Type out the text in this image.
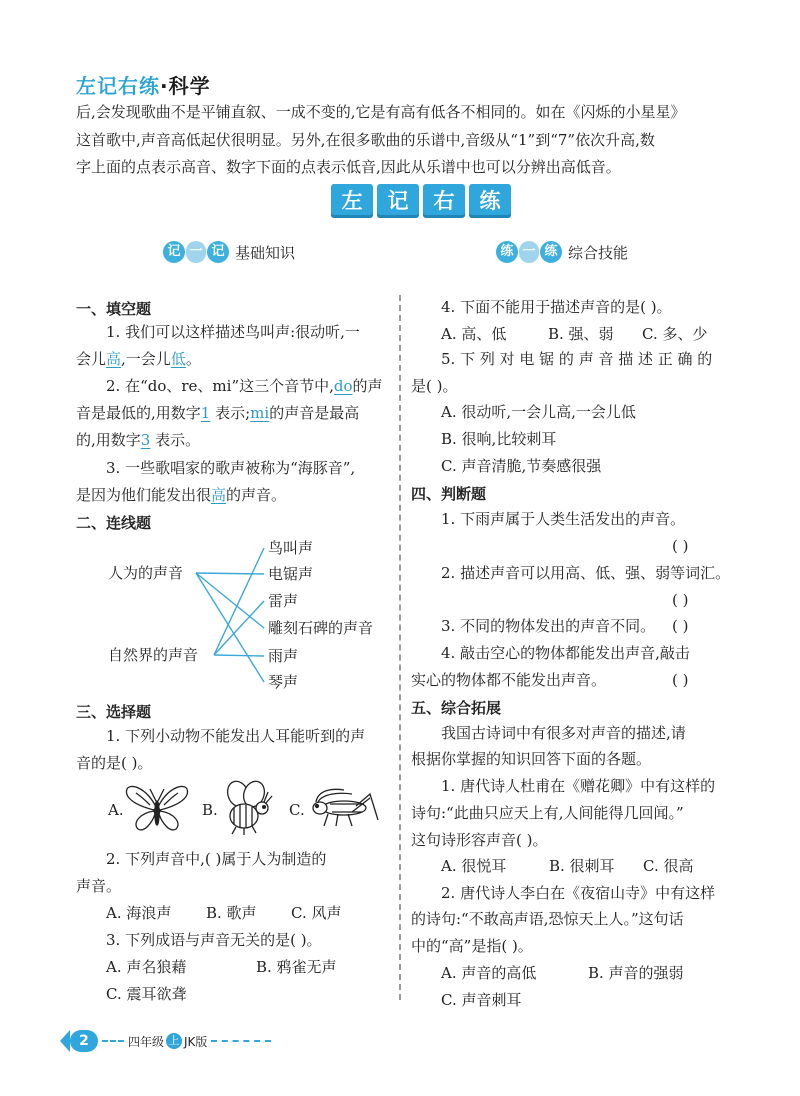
左记右练·科学
后,会发现歌曲不是平铺直叙、一成不变的,它是有高有低各不相同的。如在《闪烁的小星星》
这首歌中,声音高低起伏很明显。另外,在很多歌曲的乐谱中,音级从“1”到“7”依次升高,数
字上面的点表示高音、数字下面的点表示低音,因此从乐谱中也可以分辨出高低音。
左	记	右	练
记 一 记 基础知识	练 一 练 综合技能
一、填空题
1. 我们可以这样描述鸟叫声:很动听,一
会儿高,一会儿低。
2. 在“do、re、mi”这三个音节中,do的声
音是最低的,用数字1 表示;mi的声音是最高
的,用数字3 表示。
3. 一些歌唱家的歌声被称为“海豚音”,
是因为他们能发出很高的声音。
二、连线题
人为的声音
自然界的声音
鸟叫声
电锯声
雷声
雕刻石碑的声音
雨声
琴声
三、选择题
1. 下列小动物不能发出人耳能听到的声
音的是( )。
A.	B.	C.
2. 下列声音中,( )属于人为制造的
声音。
A. 海浪声 B. 歌声 C. 风声
3. 下列成语与声音无关的是( )。
A. 声名狼藉	B. 鸦雀无声
C. 震耳欲聋
4. 下面不能用于描述声音的是( )。
A. 高、低	B. 强、弱 C. 多、少
5. 下 列 对 电 锯 的 声 音 描 述 正 确 的
是( )。
A. 很动听,一会儿高,一会儿低
B. 很响,比较刺耳
C. 声音清脆,节奏感很强
四、判断题
1. 下雨声属于人类生活发出的声音。
( )
2. 描述声音可以用高、低、强、弱等词汇。
( )
3. 不同的物体发出的声音不同。 ( )
4. 敲击空心的物体都能发出声音,敲击
实心的物体都不能发出声音。	( )
五、综合拓展
我国古诗词中有很多对声音的描述,请
根据你掌握的知识回答下面的各题。
1. 唐代诗人杜甫在《赠花卿》中有这样的
诗句:“此曲只应天上有,人间能得几回闻。”
这句诗形容声音( )。
A. 很悦耳	B. 很刺耳 C. 很高
2. 唐代诗人李白在《夜宿山寺》中有这样
的诗句:“不敢高声语,恐惊天上人。”这句话
中的“高”是指( )。
A. 声音的高低	B. 声音的强弱
C. 声音刺耳
2	四年级 上 JK版
